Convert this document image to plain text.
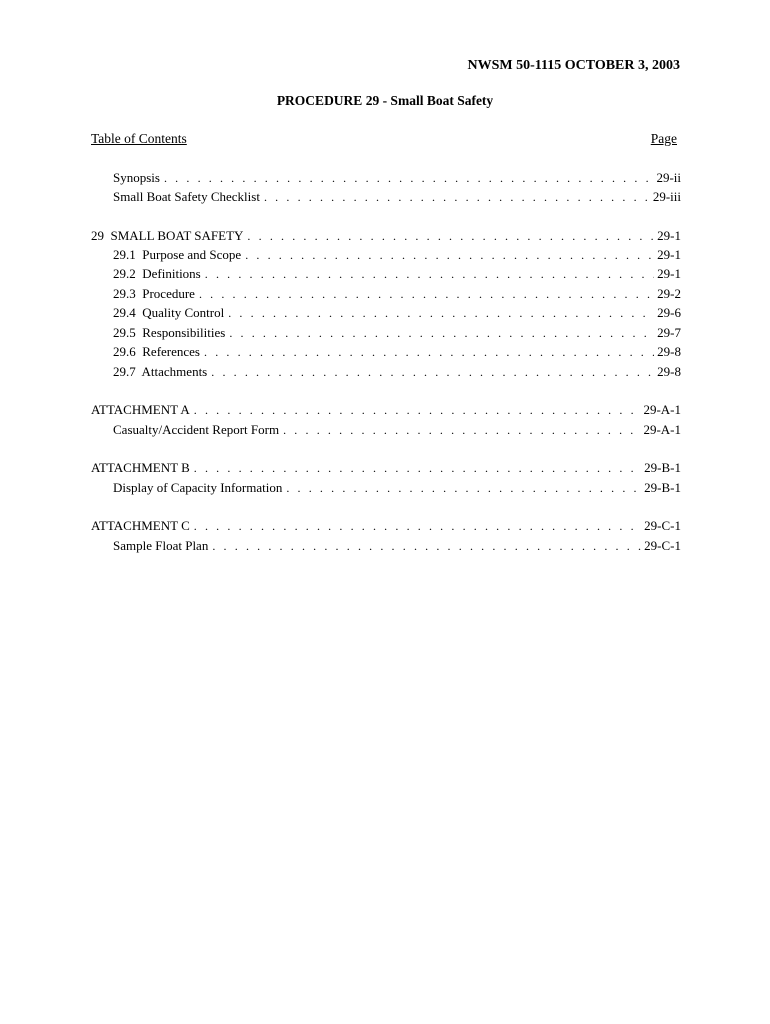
NWSM 50-1115 OCTOBER 3, 2003
PROCEDURE 29 - Small Boat Safety
Table of Contents	Page
Synopsis . . .	29-ii
Small Boat Safety Checklist . . .	29-iii
29  SMALL BOAT SAFETY . . .	29-1
29.1  Purpose and Scope . . .	29-1
29.2  Definitions . . .	29-1
29.3  Procedure . . .	29-2
29.4  Quality Control . . .	29-6
29.5  Responsibilities . . .	29-7
29.6  References . . .	29-8
29.7  Attachments . . .	29-8
ATTACHMENT A . . .	29-A-1
Casualty/Accident Report Form . . .	29-A-1
ATTACHMENT B . . .	29-B-1
Display of Capacity Information . . .	29-B-1
ATTACHMENT C . . .	29-C-1
Sample Float Plan . . .	29-C-1
